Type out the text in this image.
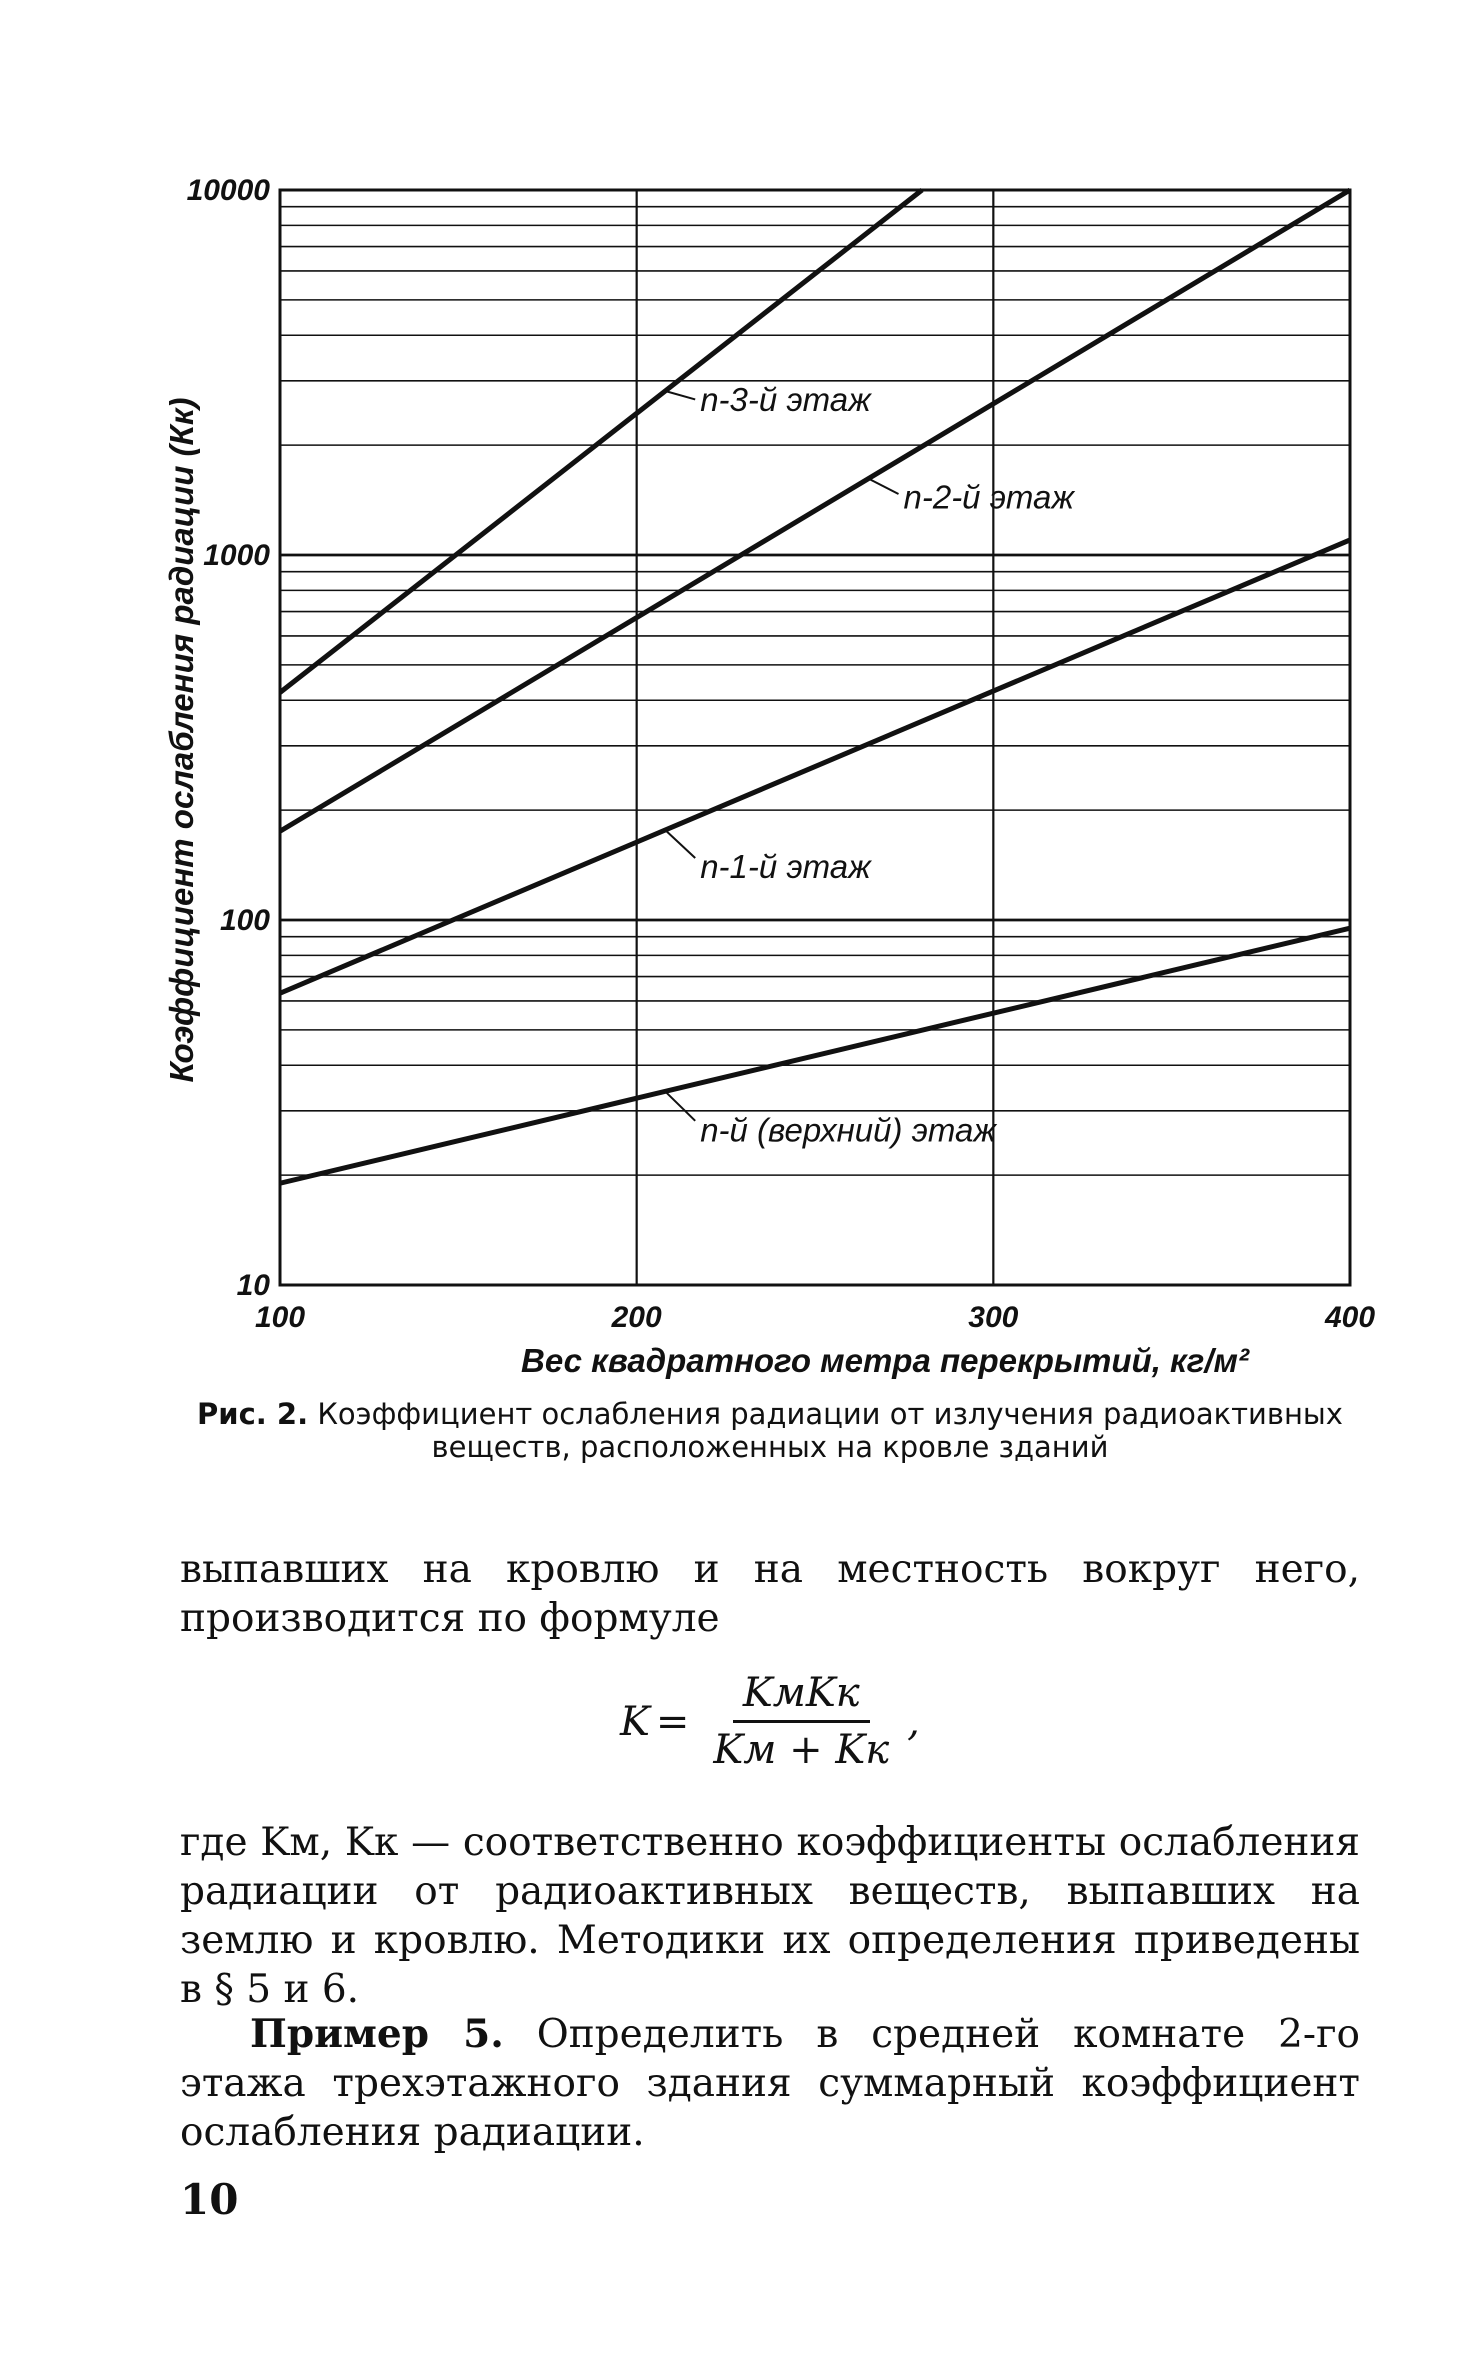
100	200	300	400
10
100
1000
10000
n-3-й этаж
n-2-й этаж
n-1-й этаж
n-й (верхний) этаж
Коэффициент ослабления радиации (Кк)
Вес квадратного метра перекрытий, кг/м²
Рис. 2. Коэффициент ослабления радиации от излучения радиоактивных веществ, расположенных на кровле зданий
выпавших на кровлю и на местность вокруг него, производится по формуле
$K = \frac{\text{KмKк}}{Kм + Kк}$ ,
где Kм, Kк — соответственно коэффициенты ослабления радиации от радиоактивных веществ, выпавших на землю и кровлю. Методики их определения приведены в § 5 и 6.
Пример 5. Определить в средней комнате 2-го этажа трехэтажного здания суммарный коэффициент ослабления радиации.
10
